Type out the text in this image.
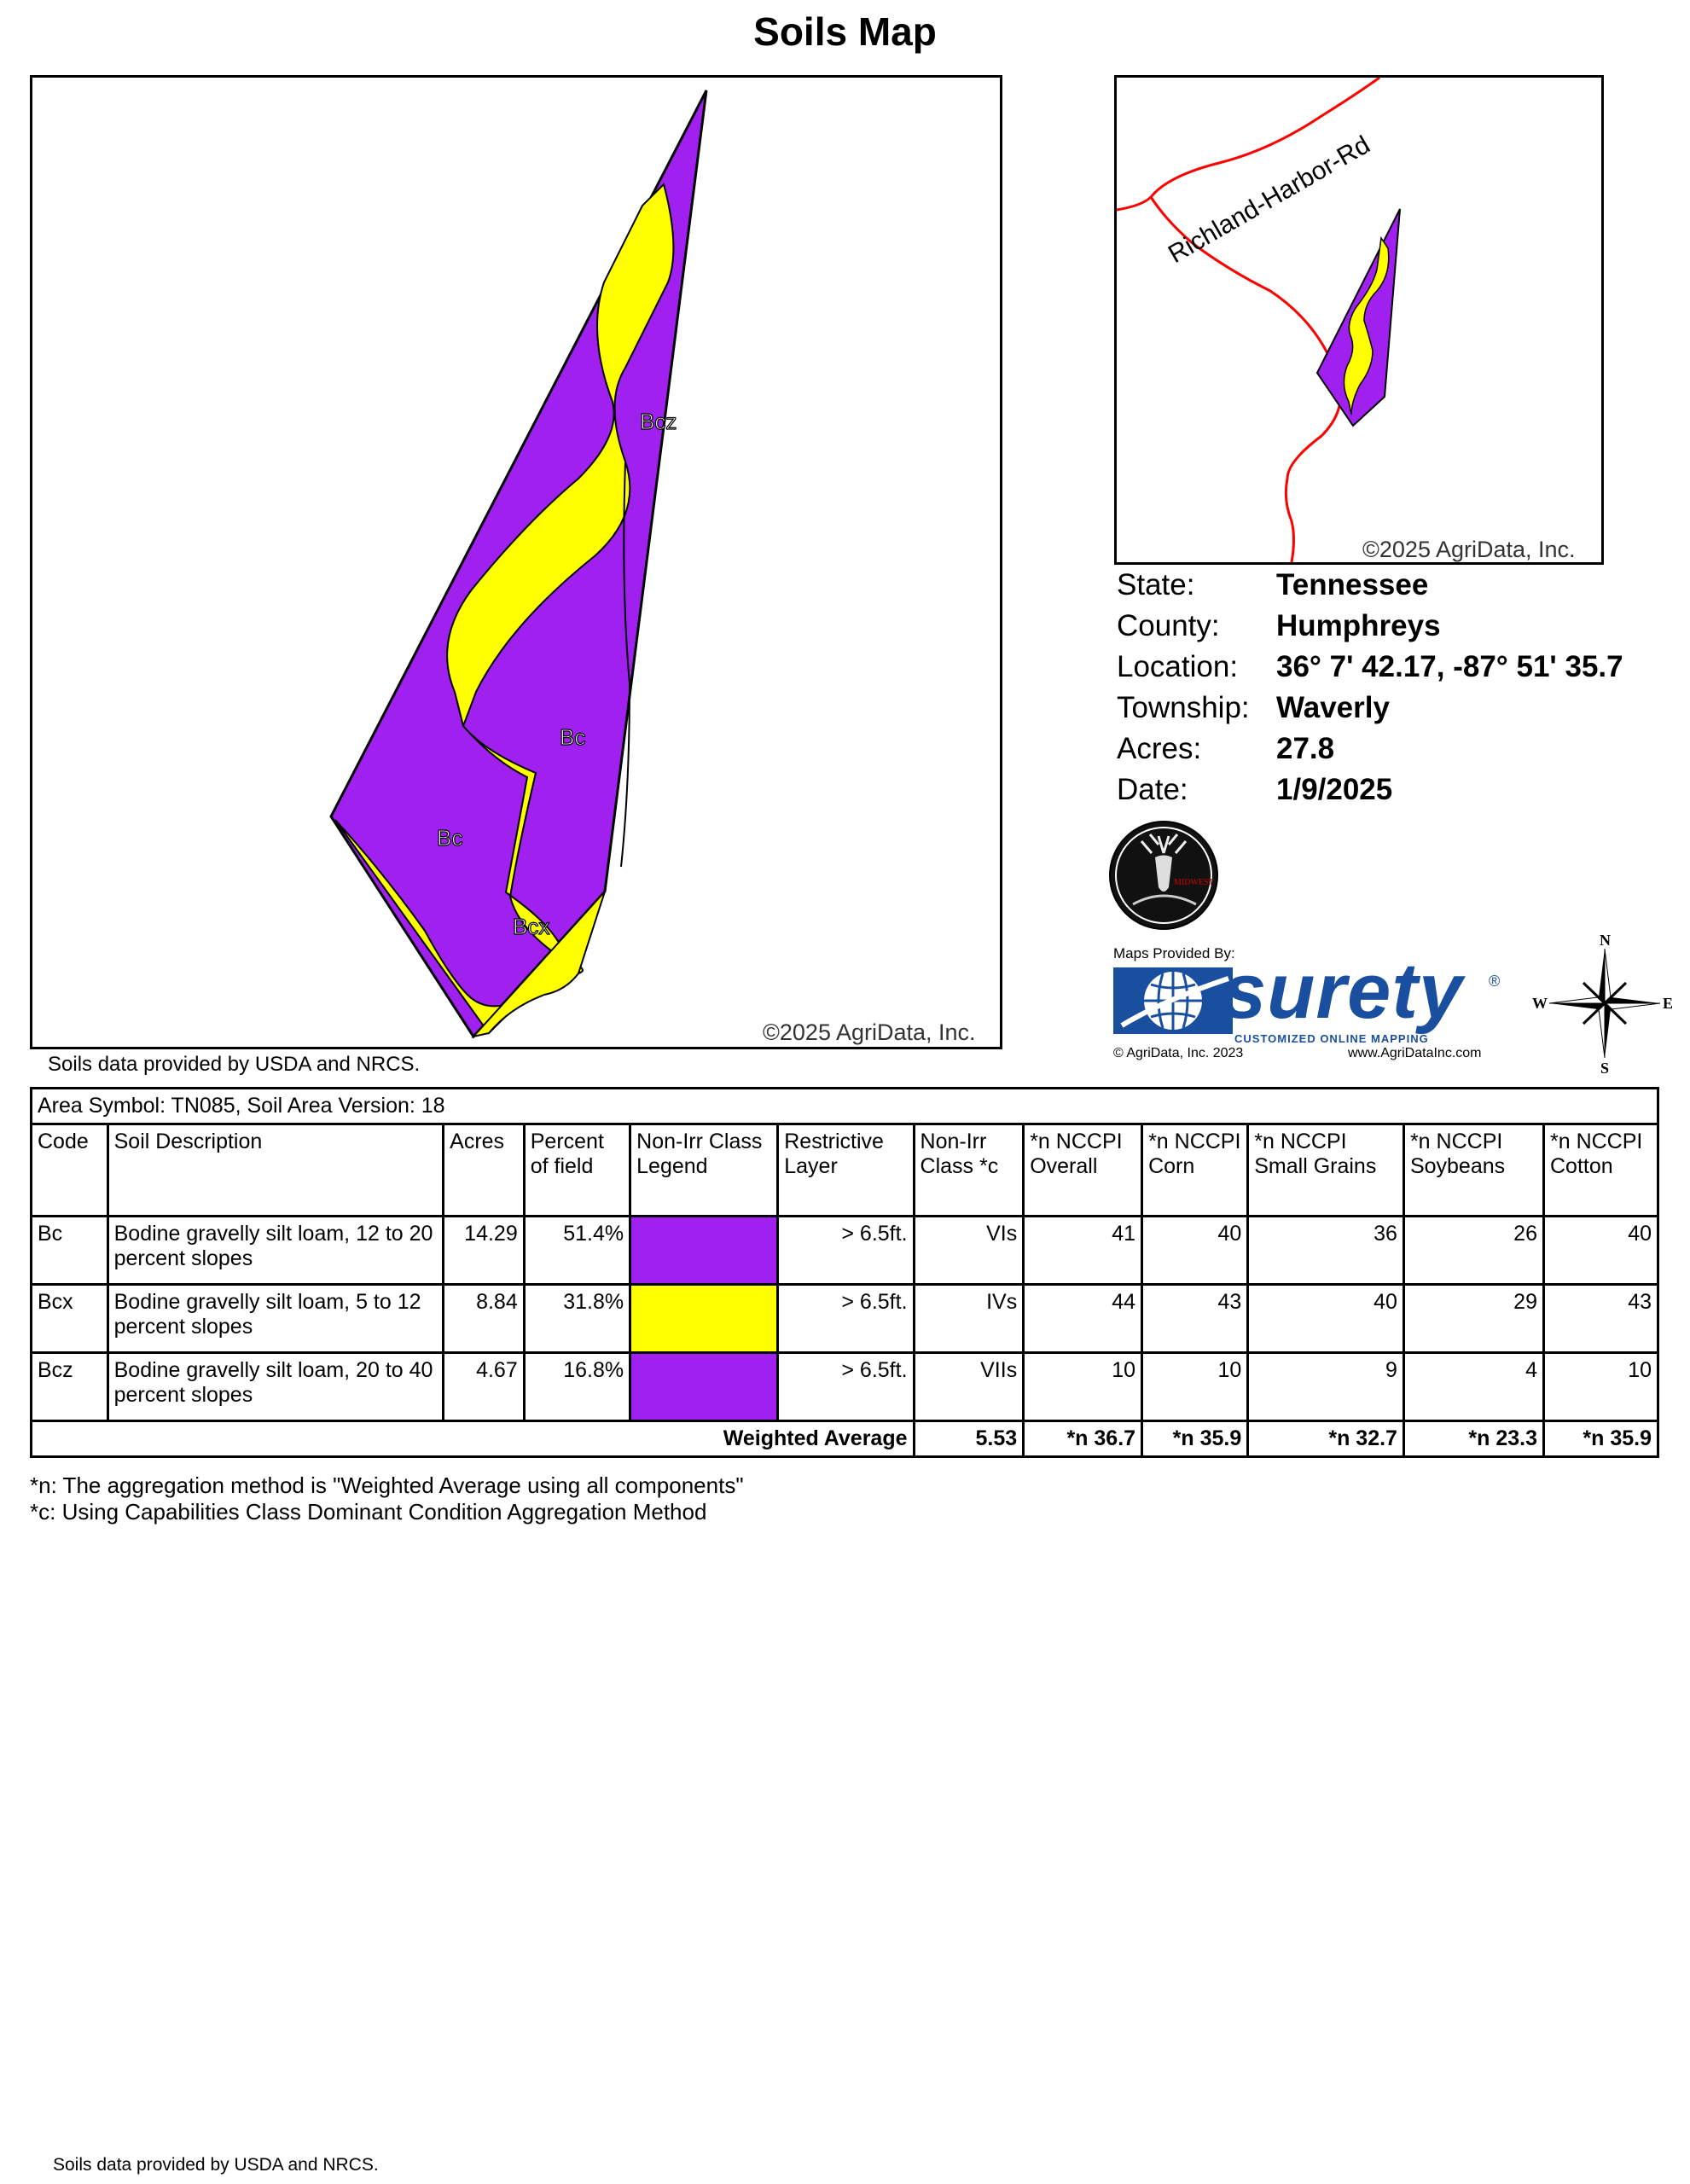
Soils Map
Bcz
Bc
Bc
Bcx
©2025 AgriData, Inc.
Soils data provided by USDA and NRCS.
Richland-Harbor-Rd
©2025 AgriData, Inc.
State:	Tennessee
County: Humphreys
Location: 36° 7' 42.17, -87° 51' 35.7
Township: Waverly
Acres:	27.8
Date:	1/9/2025
MIDWEST
Maps Provided By:
surety ®
CUSTOMIZED ONLINE MAPPING
© AgriData, Inc. 2023	www.AgriDataInc.com
N
S
E
W
Area Symbol: TN085, Soil Area Version: 18											
Code	Soil Description	Acres	Percent of field	Non-Irr Class Legend	Restrictive Layer	Non-Irr Class *c	*n NCCPI Overall	*n NCCPI Corn	*n NCCPI Small Grains	*n NCCPI Soybeans	*n NCCPI Cotton
Bc	Bodine gravelly silt loam, 12 to 20 percent slopes	14.29	51.4%		> 6.5ft.	VIs	41	40	36	26	40
Bcx	Bodine gravelly silt loam, 5 to 12 percent slopes	8.84	31.8%		> 6.5ft.	IVs	44	43	40	29	43
Bcz	Bodine gravelly silt loam, 20 to 40 percent slopes	4.67	16.8%		> 6.5ft.	VIIs	10	10	9	4	10
Weighted Average						5.53	*n 36.7	*n 35.9	*n 32.7	*n 23.3	*n 35.9
*n: The aggregation method is "Weighted Average using all components"
*c: Using Capabilities Class Dominant Condition Aggregation Method
Soils data provided by USDA and NRCS.
